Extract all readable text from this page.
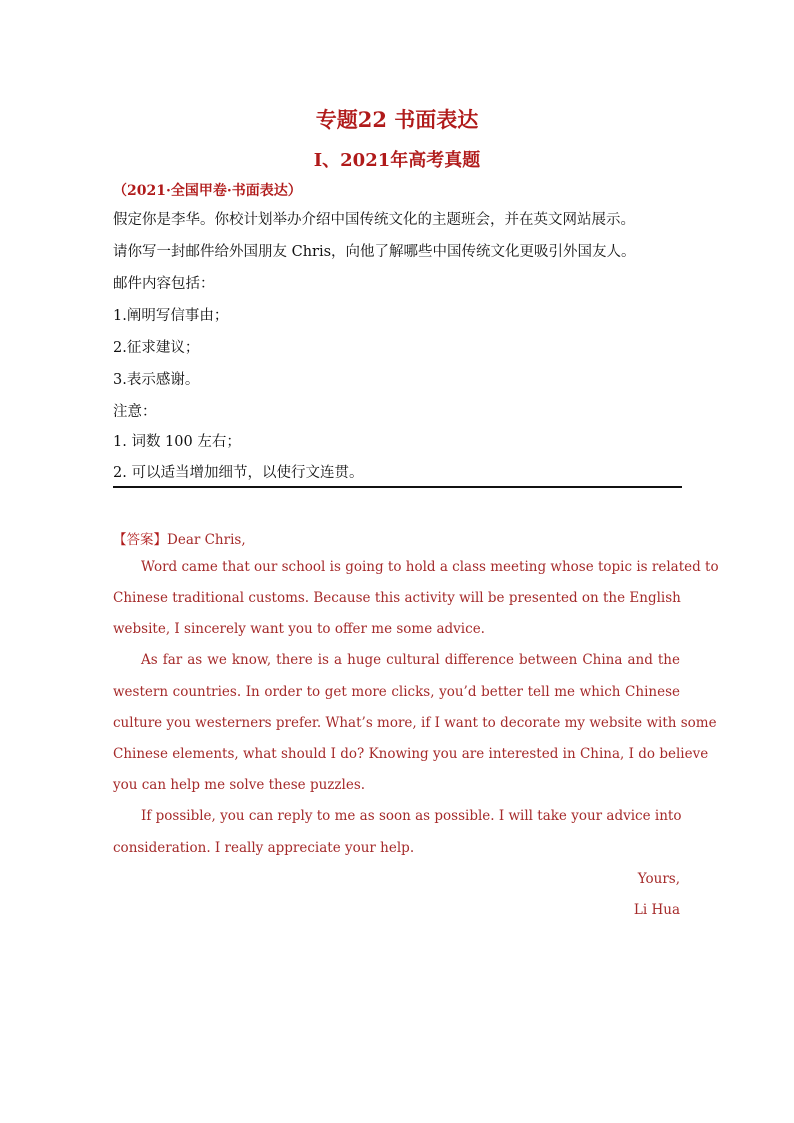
专题22 书面表达
Ⅰ、2021年高考真题
（2021·全国甲卷·书面表达）
假定你是李华。你校计划举办介绍中国传统文化的主题班会，并在英文网站展示。
请你写一封邮件给外国朋友 Chris，向他了解哪些中国传统文化更吸引外国友人。
邮件内容包括：
1.阐明写信事由；
2.征求建议；
3.表示感谢。
注意：
1. 词数 100 左右；
2. 可以适当增加细节，以使行文连贯。
【答案】Dear Chris,
Word came that our school is going to hold a class meeting whose topic is related to
Chinese traditional customs. Because this activity will be presented on the English
website, I sincerely want you to offer me some advice.
As far as we know, there is a huge cultural difference between China and the
western countries. In order to get more clicks, you’d better tell me which Chinese
culture you westerners prefer. What’s more, if I want to decorate my website with some
Chinese elements, what should I do? Knowing you are interested in China, I do believe
you can help me solve these puzzles.
If possible, you can reply to me as soon as possible. I will take your advice into
consideration. I really appreciate your help.
Yours,
Li Hua
